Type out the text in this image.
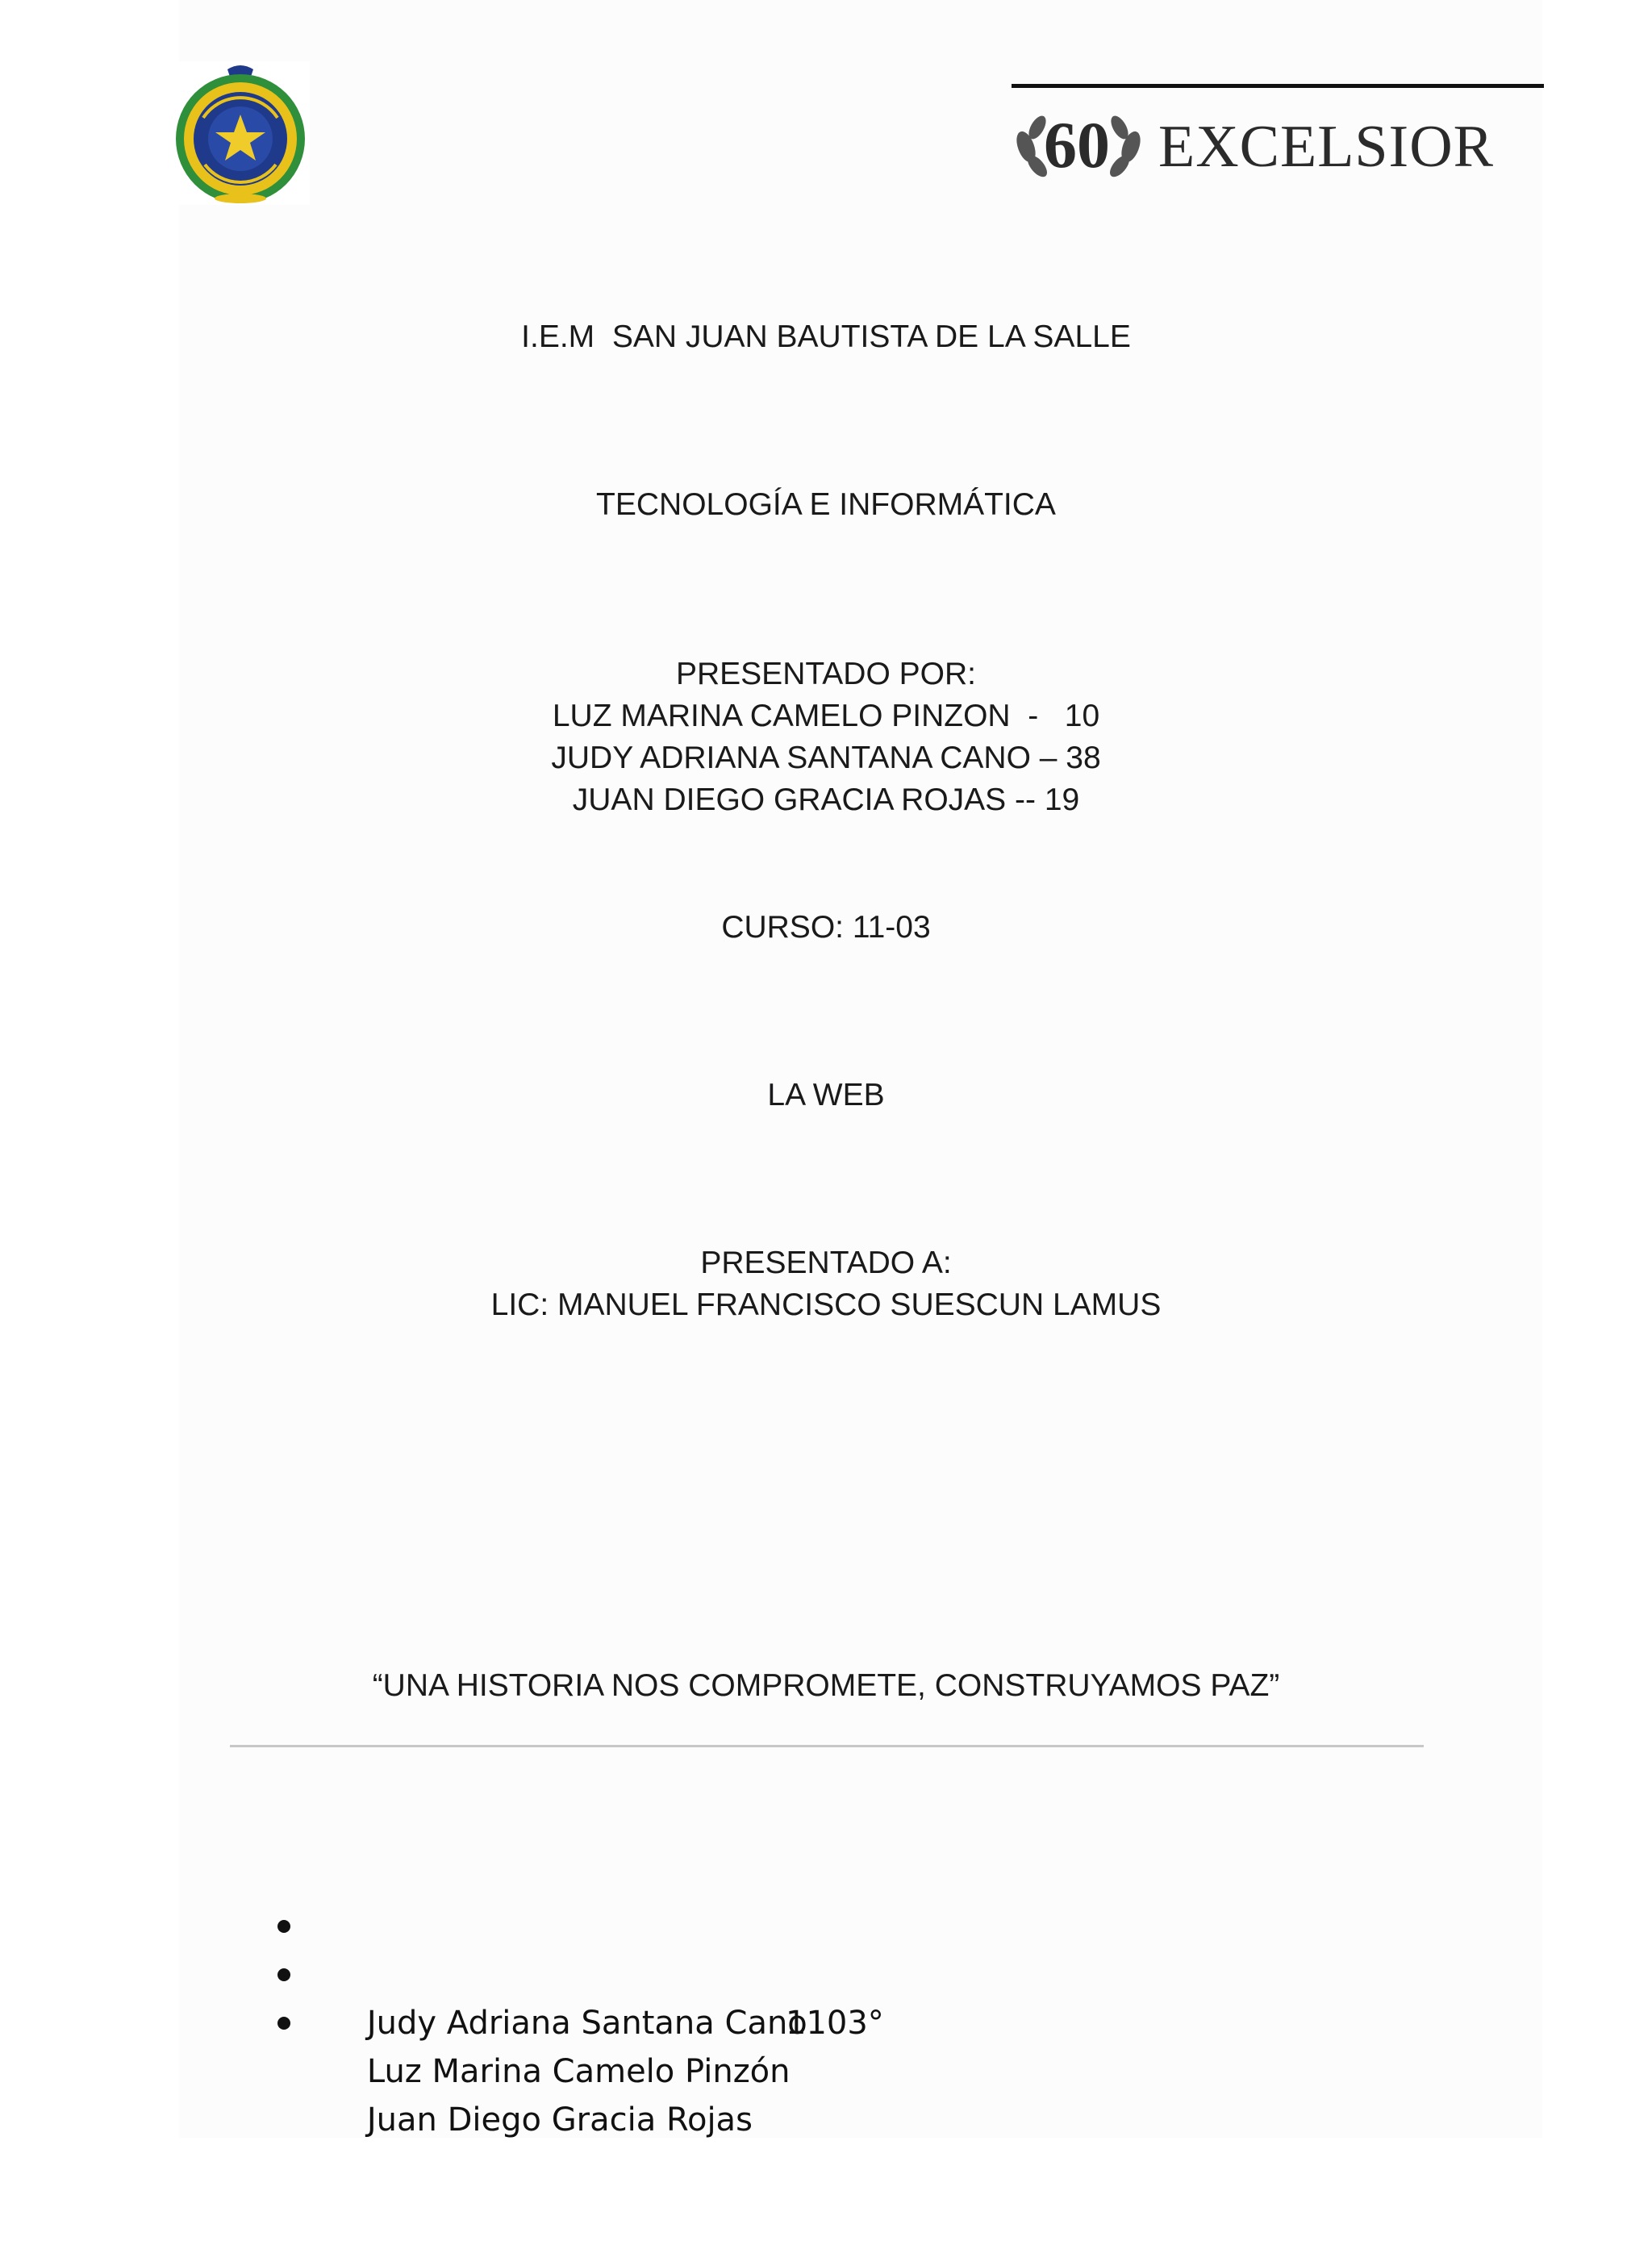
60 EXCELSIOR
I.E.M  SAN JUAN BAUTISTA DE LA SALLE
TECNOLOGÍA E INFORMÁTICA
PRESENTADO POR:
LUZ MARINA CAMELO PINZON  -   10
JUDY ADRIANA SANTANA CANO – 38
JUAN DIEGO GRACIA ROJAS -- 19
CURSO: 11-03
LA WEB
PRESENTADO A:
LIC: MANUEL FRANCISCO SUESCUN LAMUS
“UNA HISTORIA NOS COMPROMETE, CONSTRUYAMOS PAZ”

Judy Adriana Santana Cano

Luz Marina Camelo Pinzón

Juan Diego Gracia Rojas

1103°
